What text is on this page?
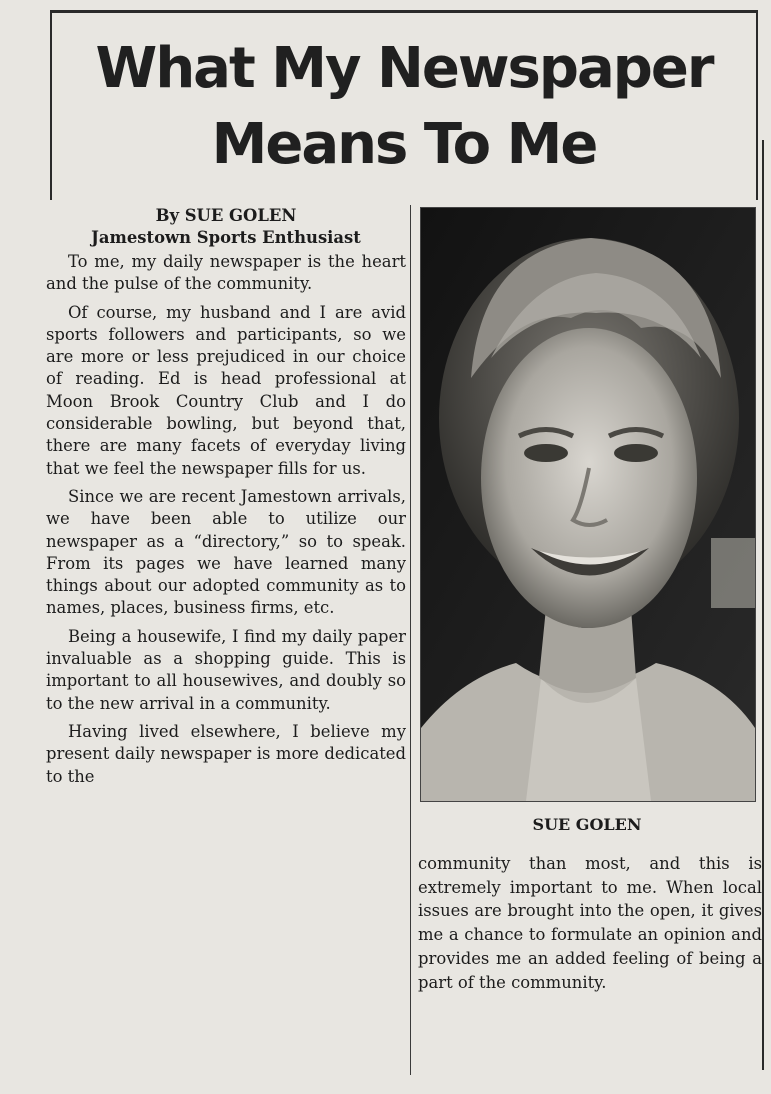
What My Newspaper
Means To Me

By SUE GOLEN

Jamestown Sports Enthusiast

To me, my daily newspaper is the heart and the pulse of the community.

Of course, my husband and I are avid sports followers and participants, so we are more or less prejudiced in our choice of reading. Ed is head professional at Moon Brook Country Club and I do considerable bowling, but beyond that, there are many facets of everyday living that we feel the newspaper fills for us.

Since we are recent Jamestown arrivals, we have been able to utilize our newspaper as a “directory,” so to speak. From its pages we have learned many things about our adopted community as to names, places, business firms, etc.

Being a housewife, I find my daily paper invaluable as a shopping guide. This is important to all housewives, and doubly so to the new arrival in a community.

Having lived elsewhere, I believe my present daily newspaper is more dedicated to the

SUE GOLEN

community than most, and this is extremely important to me. When local issues are brought into the open, it gives me a chance to formulate an opinion and provides me an added feeling of being a part of the community.
